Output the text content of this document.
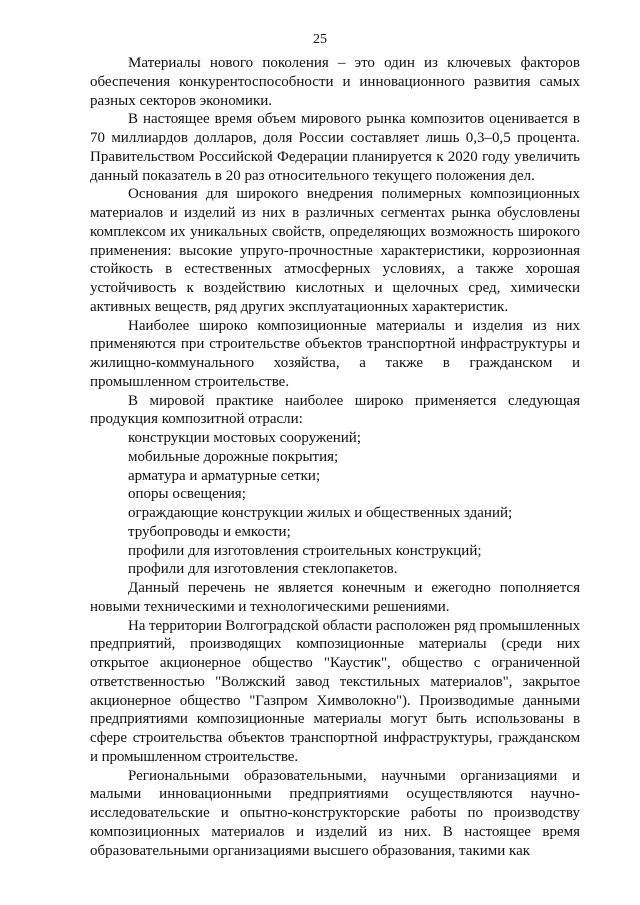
25

Материалы нового поколения – это один из ключевых факторов обеспечения конкурентоспособности и инновационного развития самых разных секторов экономики.

В настоящее время объем мирового рынка композитов оценивается в 70 миллиардов долларов, доля России составляет лишь 0,3–0,5 процента. Правительством Российской Федерации планируется к 2020 году увеличить данный показатель в 20 раз относительного текущего положения дел.

Основания для широкого внедрения полимерных композиционных материалов и изделий из них в различных сегментах рынка обусловлены комплексом их уникальных свойств, определяющих возможность широкого применения: высокие упруго-прочностные характеристики, коррозионная стойкость в естественных атмосферных условиях, а также хорошая устойчивость к воздействию кислотных и щелочных сред, химически активных веществ, ряд других эксплуатационных характеристик.

Наиболее широко композиционные материалы и изделия из них применяются при строительстве объектов транспортной инфраструктуры и жилищно-коммунального хозяйства, а также в гражданском и промышленном строительстве.

В мировой практике наиболее широко применяется следующая продукция композитной отрасли:

конструкции мостовых сооружений;
мобильные дорожные покрытия;
арматура и арматурные сетки;
опоры освещения;
ограждающие конструкции жилых и общественных зданий;
трубопроводы и емкости;
профили для изготовления строительных конструкций;
профили для изготовления стеклопакетов.

Данный перечень не является конечным и ежегодно пополняется новыми техническими и технологическими решениями.

На территории Волгоградской области расположен ряд промышленных предприятий, производящих композиционные материалы (среди них открытое акционерное общество "Каустик", общество с ограниченной ответственностью "Волжский завод текстильных материалов", закрытое акционерное общество "Газпром Химволокно"). Производимые данными предприятиями композиционные материалы могут быть использованы в сфере строительства объектов транспортной инфраструктуры, гражданском и промышленном строительстве.

Региональными образовательными, научными организациями и малыми инновационными предприятиями осуществляются научно-исследовательские и опытно-конструкторские работы по производству композиционных материалов и изделий из них. В настоящее время образовательными организациями высшего образования, такими как
